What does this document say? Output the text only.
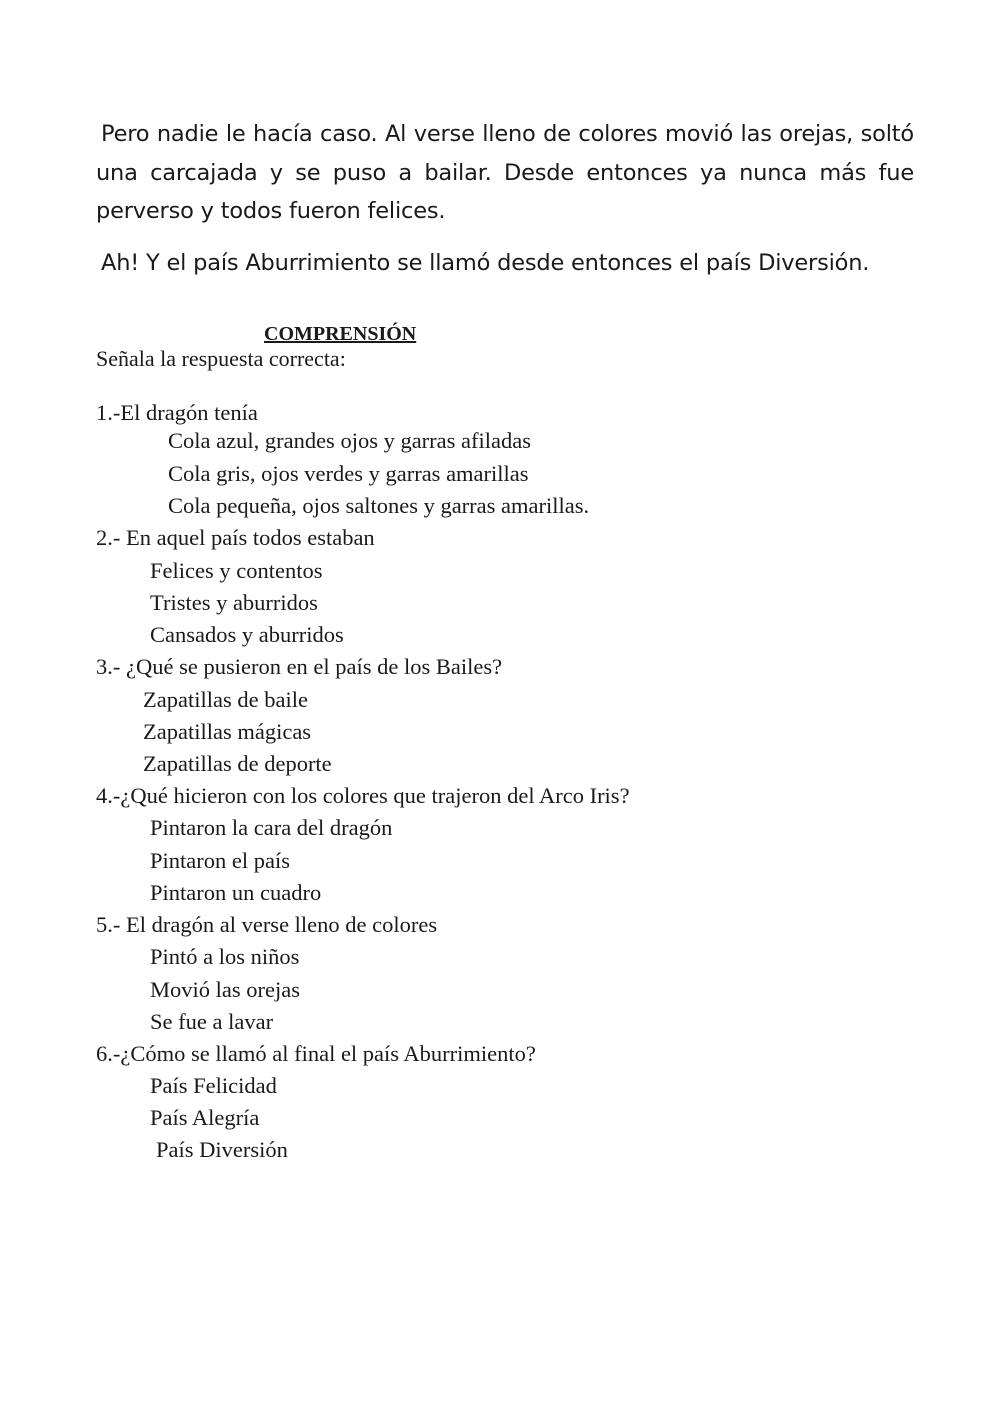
Pero nadie le hacía caso. Al verse lleno de colores movió las orejas, soltó una carcajada y se puso a bailar. Desde entonces ya nunca más fue perverso y todos fueron felices.

Ah! Y el país Aburrimiento se llamó desde entonces el país Diversión.

COMPRENSIÓN
Señala la respuesta correcta:
1.-El dragón tenía
Cola azul, grandes ojos y garras afiladas
Cola gris, ojos verdes y garras amarillas
Cola pequeña, ojos saltones y garras amarillas.
2.- En aquel país todos estaban
Felices y contentos
Tristes y aburridos
Cansados y aburridos
3.- ¿Qué se pusieron en el país de los Bailes?
Zapatillas de baile
Zapatillas mágicas
Zapatillas de deporte
4.-¿Qué hicieron con los colores que trajeron del Arco Iris?
Pintaron la cara del dragón
Pintaron el país
Pintaron un cuadro
5.- El dragón al verse lleno de colores
Pintó a los niños
Movió las orejas
Se fue a lavar
6.-¿Cómo se llamó al final el país Aburrimiento?
País Felicidad
País Alegría
País Diversión
